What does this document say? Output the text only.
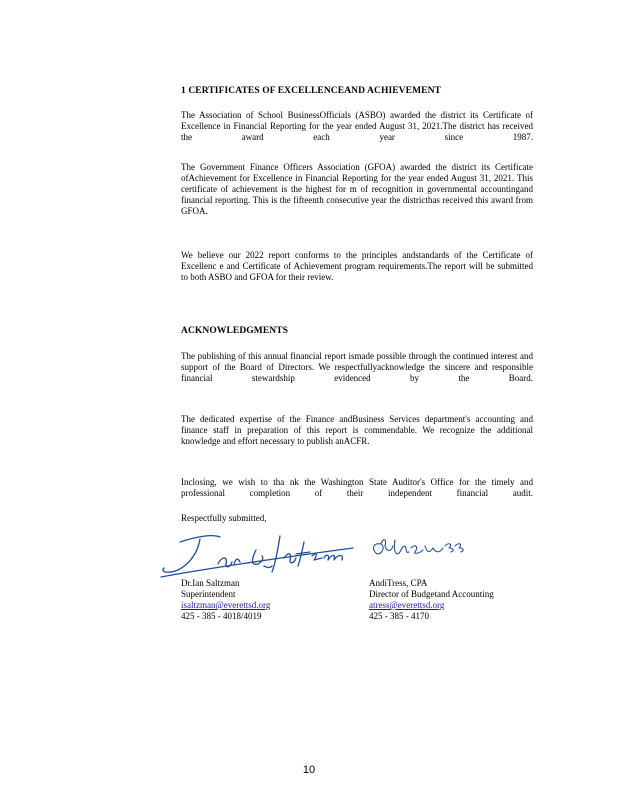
1 CERTIFICATES OF EXCELLENCEAND ACHIEVEMENT
The Association of School BusinessOfficials (ASBO) awarded the district its Certificate of Excellence in Financial Reporting for the year ended August 31, 2021.The district has received the award each year since 1987.
The Government Finance Officers Association (GFOA) awarded the district its Certificate ofAchievement for Excellence in Financial Reporting for the year ended August 31, 2021. This certificate of achievement is the highest for m of recognition in governmental accountingand financial reporting. This is the fifteenth consecutive year the districthas received this award from GFOA.
We believe our 2022 report conforms to the principles andstandards of the Certificate of Excellenc e and Certificate of Achievement program requirements.The report will be submitted to both ASBO and GFOA for their review.
ACKNOWLEDGMENTS
The publishing of this annual financial report ismade possible through the continued interest and support of the Board of Directors. We respectfullyacknowledge the sincere and responsible financial stewardship evidenced by the Board.
The dedicated expertise of the Finance andBusiness Services department's accounting and finance staff in preparation of this report is commendable. We recognize the additional knowledge and effort necessary to publish anACFR.
Inclosing, we wish to tha nk the Washington State Auditor's Office for the timely and professional completion of their independent financial audit.
Respectfully submitted,
Dr.Ian Saltzman
Superintendent
isaltzman@everettsd.org
425 - 385 - 4018/4019
AndiTress, CPA
Director of Budgetand Accounting
atress@everettsd.org
425 - 385 - 4170
10
